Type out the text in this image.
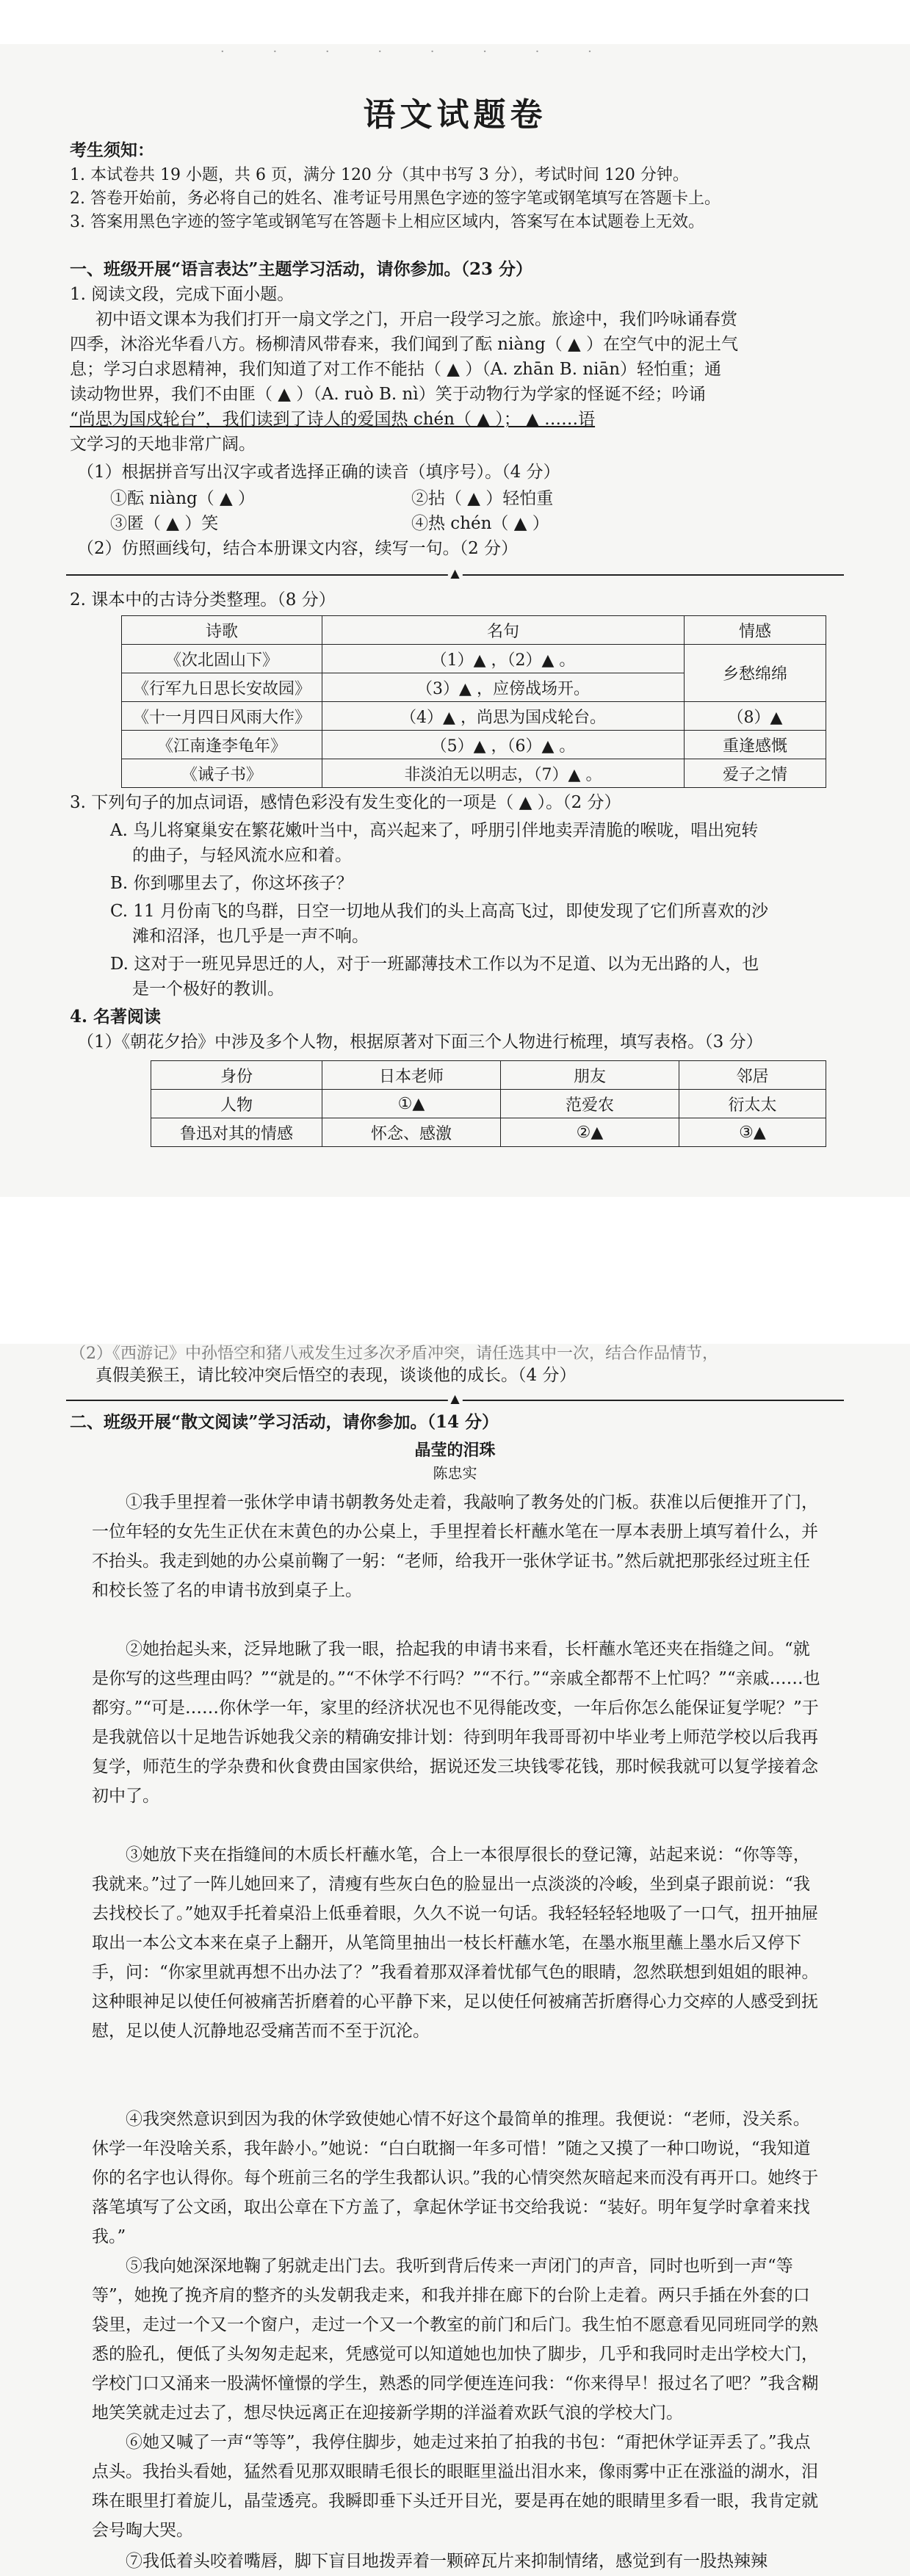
· · · · · · · ·
语文试题卷
考生须知：
1. 本试卷共 19 小题，共 6 页，满分 120 分（其中书写 3 分），考试时间 120 分钟。
2. 答卷开始前，务必将自己的姓名、准考证号用黑色字迹的签字笔或钢笔填写在答题卡上。
3. 答案用黑色字迹的签字笔或钢笔写在答题卡上相应区域内，答案写在本试题卷上无效。
一、班级开展“语言表达”主题学习活动，请你参加。（23 分）
1. 阅读文段，完成下面小题。
初中语文课本为我们打开一扇文学之门，开启一段学习之旅。旅途中，我们吟咏诵春赏
四季，沐浴光华看八方。杨柳清风带春来，我们闻到了酝 niàng（ ▲ ）在空气中的泥土气
息；学习白求恩精神，我们知道了对工作不能拈（ ▲ ）（A. zhān B. niān）轻怕重；通
读动物世界，我们不由匪（ ▲ ）（A. ruò B. nì）笑于动物行为学家的怪诞不经；吟诵
“尚思为国戍轮台”，我们读到了诗人的爱国热 chén（ ▲ ）； ▲ ……语
文学习的天地非常广阔。
（1）根据拼音写出汉字或者选择正确的读音（填序号）。（4 分）
①酝 niàng（ ▲ ）	②拈（ ▲ ）轻怕重
③匿（ ▲ ）笑	④热 chén（ ▲ ）
（2）仿照画线句，结合本册课文内容，续写一句。（2 分）
▲
2. 课本中的古诗分类整理。（8 分）
诗歌	名句	情感
《次北固山下》	（1）▲ ，（2）▲ 。	乡愁绵绵
《行军九日思长安故园》	（3）▲ ，应傍战场开。	
《十一月四日风雨大作》	（4）▲ ，尚思为国戍轮台。	（8）▲
《江南逢李龟年》	（5）▲ ，（6）▲ 。	重逢感慨
《诫子书》	非淡泊无以明志，（7）▲ 。	爱子之情
3. 下列句子的加点词语，感情色彩没有发生变化的一项是（ ▲ ）。（2 分）
A. 鸟儿将窠巢安在繁花嫩叶当中，高兴起来了，呼朋引伴地卖弄清脆的喉咙，唱出宛转
的曲子，与轻风流水应和着。
B. 你到哪里去了，你这坏孩子？
C. 11 月份南飞的鸟群，日空一切地从我们的头上高高飞过，即使发现了它们所喜欢的沙
滩和沼泽，也几乎是一声不响。
D. 这对于一班见异思迁的人，对于一班鄙薄技术工作以为不足道、以为无出路的人，也
是一个极好的教训。
4. 名著阅读
（1）《朝花夕拾》中涉及多个人物，根据原著对下面三个人物进行梳理，填写表格。（3 分）
身份	日本老师	朋友	邻居
人物	①▲	范爱农	衍太太
鲁迅对其的情感	怀念、感激	②▲	③▲
（2）《西游记》中孙悟空和猪八戒发生过多次矛盾冲突，请任选其中一次，结合作品情节，
真假美猴王，请比较冲突后悟空的表现，谈谈他的成长。（4 分）
▲
二、班级开展“散文阅读”学习活动，请你参加。（14 分）
晶莹的泪珠
陈忠实
①我手里捏着一张休学申请书朝教务处走着，我敲响了教务处的门板。获准以后便推开了门，一位年轻的女先生正伏在末黄色的办公桌上，手里捏着长杆蘸水笔在一厚本表册上填写着什么，并不抬头。我走到她的办公桌前鞠了一躬：“老师，给我开一张休学证书。”然后就把那张经过班主任和校长签了名的申请书放到桌子上。
②她抬起头来，泛异地瞅了我一眼，拾起我的申请书来看，长杆蘸水笔还夹在指缝之间。“就是你写的这些理由吗？”“就是的。”“不休学不行吗？”“不行。”“亲戚全都帮不上忙吗？”“亲戚……也都穷。”“可是……你休学一年，家里的经济状况也不见得能改变，一年后你怎么能保证复学呢？”于是我就倍以十足地告诉她我父亲的精确安排计划：待到明年我哥哥初中毕业考上师范学校以后我再复学，师范生的学杂费和伙食费由国家供给，据说还发三块钱零花钱，那时候我就可以复学接着念初中了。
③她放下夹在指缝间的木质长杆蘸水笔，合上一本很厚很长的登记簿，站起来说：“你等等，我就来。”过了一阵儿她回来了，清瘦有些灰白色的脸显出一点淡淡的冷峻，坐到桌子跟前说：“我去找校长了。”她双手托着桌沿上低垂着眼，久久不说一句话。我轻轻轻轻地吸了一口气，扭开抽屉取出一本公文本来在桌子上翻开，从笔筒里抽出一枝长杆蘸水笔，在墨水瓶里蘸上墨水后又停下手，问：“你家里就再想不出办法了？”我看着那双泽着忧郁气色的眼睛，忽然联想到姐姐的眼神。这种眼神足以使任何被痛苦折磨着的心平静下来，足以使任何被痛苦折磨得心力交瘁的人感受到抚慰，足以使人沉静地忍受痛苦而不至于沉沦。
④我突然意识到因为我的休学致使她心情不好这个最简单的推理。我便说：“老师，没关系。休学一年没啥关系，我年龄小。”她说：“白白耽搁一年多可惜！”随之又摸了一种口吻说，“我知道你的名字也认得你。每个班前三名的学生我都认识。”我的心情突然灰暗起来而没有再开口。她终于落笔填写了公文函，取出公章在下方盖了，拿起休学证书交给我说：“装好。明年复学时拿着来找我。”
⑤我向她深深地鞠了躬就走出门去。我听到背后传来一声闭门的声音，同时也听到一声“等等”，她挽了挽齐肩的整齐的头发朝我走来，和我并排在廊下的台阶上走着。两只手插在外套的口袋里，走过一个又一个窗户，走过一个又一个教室的前门和后门。我生怕不愿意看见同班同学的熟悉的脸孔，便低了头匆匆走起来，凭感觉可以知道她也加快了脚步，几乎和我同时走出学校大门，学校门口又涌来一股满怀憧憬的学生，熟悉的同学便连连问我：“你来得早！报过名了吧？”我含糊地笑笑就走过去了，想尽快远离正在迎接新学期的洋溢着欢跃气浪的学校大门。
⑥她又喊了一声“等等”，我停住脚步，她走过来拍了拍我的书包：“甭把休学证弄丢了。”我点点头。我抬头看她，猛然看见那双眼睛毛很长的眼眶里溢出泪水来，像雨雾中正在涨溢的湖水，泪珠在眼里打着旋儿，晶莹透亮。我瞬即垂下头迁开目光，要是再在她的眼睛里多看一眼，我肯定就会号啕大哭。
⑦我低着头咬着嘴唇，脚下盲目地拨弄着一颗碎瓦片来抑制情绪，感觉到有一股热辣辣
